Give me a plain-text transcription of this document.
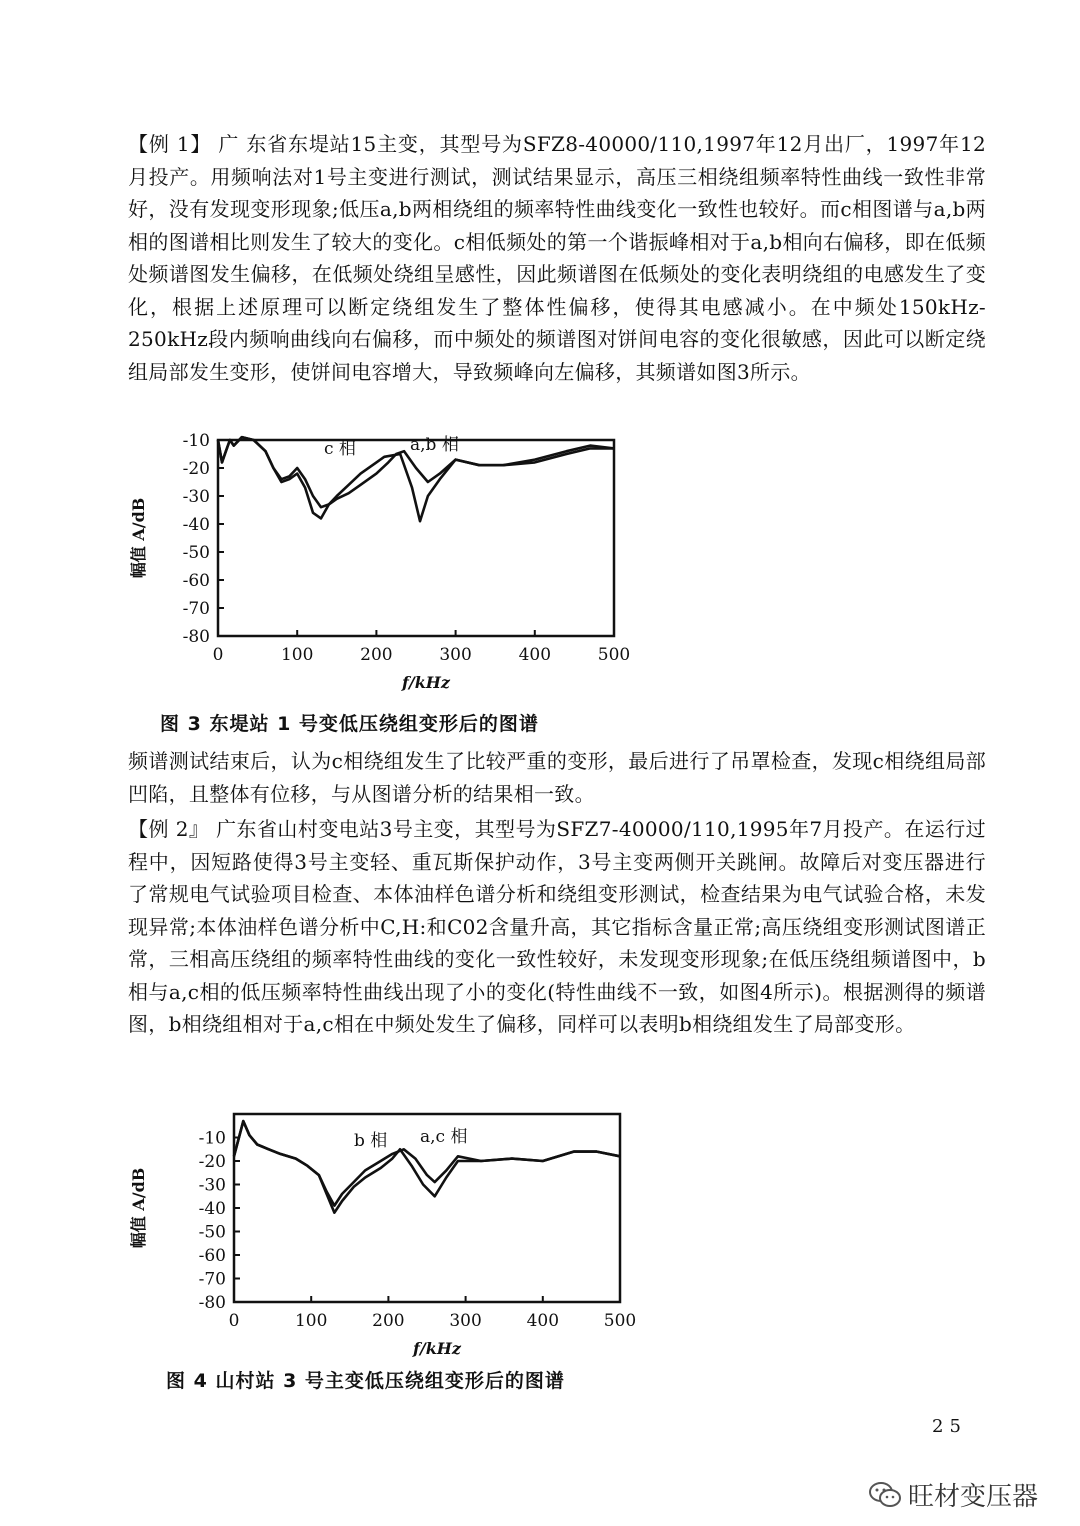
【例 1】 广 东省东堤站15主变，其型号为SFZ8-40000/110,1997年12月出厂，1997年12月投产。用频响法对1号主变进行测试，测试结果显示，高压三相绕组频率特性曲线一致性非常好，没有发现变形现象;低压a,b两相绕组的频率特性曲线变化一致性也较好。而c相图谱与a,b两相的图谱相比则发生了较大的变化。c相低频处的第一个谐振峰相对于a,b相向右偏移，即在低频处频谱图发生偏移，在低频处绕组呈感性，因此频谱图在低频处的变化表明绕组的电感发生了变化，根据上述原理可以断定绕组发生了整体性偏移，使得其电感减小。在中频处150kHz-250kHz段内频响曲线向右偏移，而中频处的频谱图对饼间电容的变化很敏感，因此可以断定绕组局部发生变形，使饼间电容增大，导致频峰向左偏移，其频谱如图3所示。

-10
-20
-30
-40
-50
-60
-70
-80
0	100	200	300	400	500
f/kHz
幅值 A/dB
c 相	a,b 相

图 3 东堤站 1 号变低压绕组变形后的图谱

频谱测试结束后，认为c相绕组发生了比较严重的变形，最后进行了吊罩检查，发现c相绕组局部凹陷，且整体有位移，与从图谱分析的结果相一致。

【例 2』 广东省山村变电站3号主变，其型号为SFZ7-40000/110,1995年7月投产。在运行过程中，因短路使得3号主变轻、重瓦斯保护动作，3号主变两侧开关跳闸。故障后对变压器进行了常规电气试验项目检查、本体油样色谱分析和绕组变形测试，检查结果为电气试验合格，未发现异常;本体油样色谱分析中C,H:和C02含量升高，其它指标含量正常;高压绕组变形测试图谱正常，三相高压绕组的频率特性曲线的变化一致性较好，未发现变形现象;在低压绕组频谱图中，b相与a,c相的低压频率特性曲线出现了小的变化(特性曲线不一致，如图4所示)。根据测得的频谱图，b相绕组相对于a,c相在中频处发生了偏移，同样可以表明b相绕组发生了局部变形。

-10
-20
-30
-40
-50
-60
-70
-80
0	100	200	300	400	500
f/kHz
幅值 A/dB
b 相 a,c 相

图 4 山村站 3 号主变低压绕组变形后的图谱

25
旺材变压器
